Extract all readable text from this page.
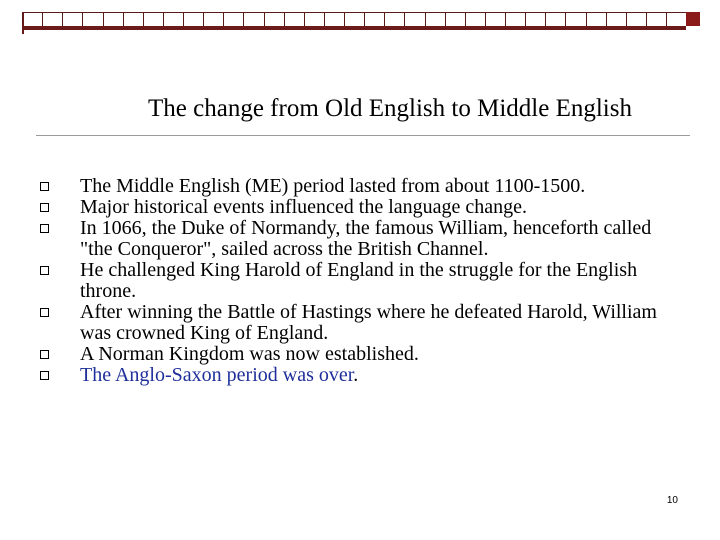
The change from Old English to Middle English
The Middle English (ME) period lasted from about 1100-1500.
Major historical events influenced the language change.
In 1066, the Duke of Normandy, the famous William, henceforth called "the Conqueror", sailed across the British Channel.
He challenged King Harold of England in the struggle for the English throne.
After winning the Battle of Hastings where he defeated Harold, William was crowned King of England.
A Norman Kingdom was now established.
The Anglo-Saxon period was over.
10
